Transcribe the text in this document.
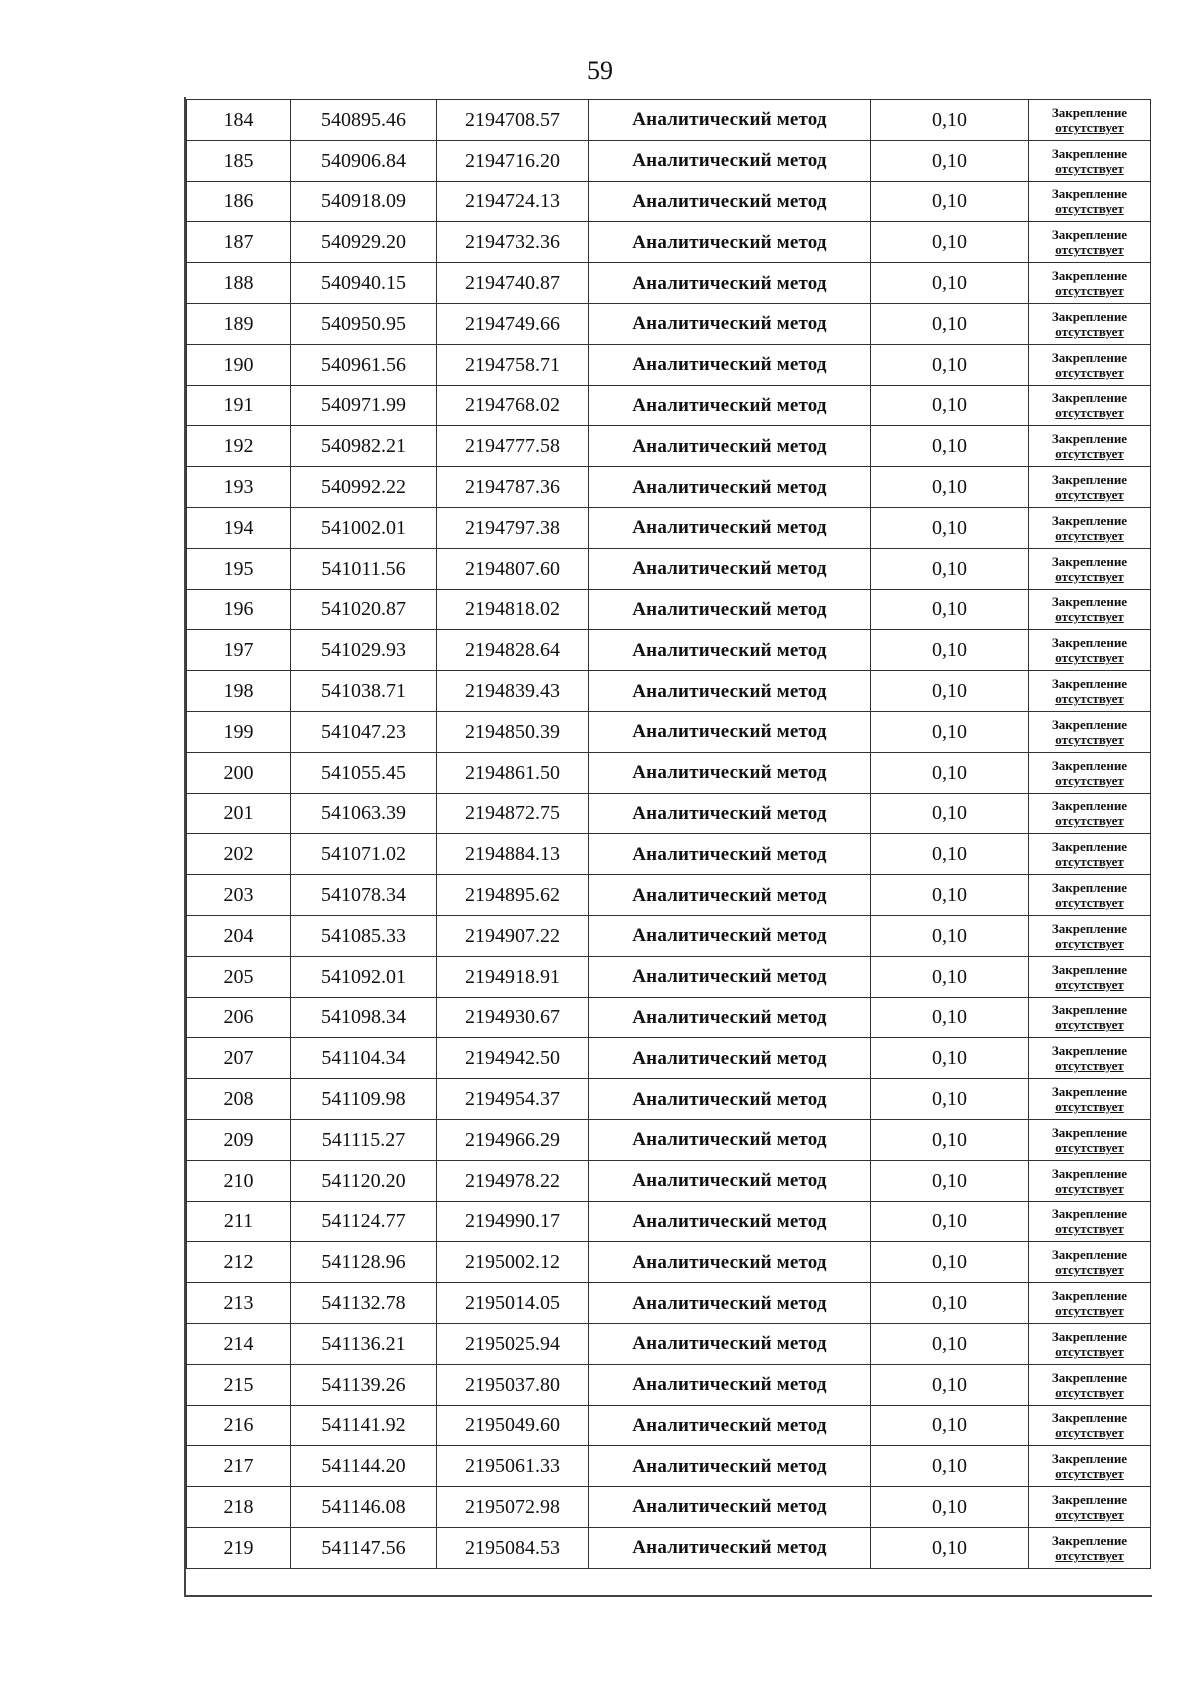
59
184	540895.46	2194708.57	Аналитический метод	0,10	Закрепление
отсутствует

185	540906.84	2194716.20	Аналитический метод	0,10	Закрепление
отсутствует

186	540918.09	2194724.13	Аналитический метод	0,10	Закрепление
отсутствует

187	540929.20	2194732.36	Аналитический метод	0,10	Закрепление
отсутствует

188	540940.15	2194740.87	Аналитический метод	0,10	Закрепление
отсутствует

189	540950.95	2194749.66	Аналитический метод	0,10	Закрепление
отсутствует

190	540961.56	2194758.71	Аналитический метод	0,10	Закрепление
отсутствует

191	540971.99	2194768.02	Аналитический метод	0,10	Закрепление
отсутствует

192	540982.21	2194777.58	Аналитический метод	0,10	Закрепление
отсутствует

193	540992.22	2194787.36	Аналитический метод	0,10	Закрепление
отсутствует

194	541002.01	2194797.38	Аналитический метод	0,10	Закрепление
отсутствует

195	541011.56	2194807.60	Аналитический метод	0,10	Закрепление
отсутствует

196	541020.87	2194818.02	Аналитический метод	0,10	Закрепление
отсутствует

197	541029.93	2194828.64	Аналитический метод	0,10	Закрепление
отсутствует

198	541038.71	2194839.43	Аналитический метод	0,10	Закрепление
отсутствует

199	541047.23	2194850.39	Аналитический метод	0,10	Закрепление
отсутствует

200	541055.45	2194861.50	Аналитический метод	0,10	Закрепление
отсутствует

201	541063.39	2194872.75	Аналитический метод	0,10	Закрепление
отсутствует

202	541071.02	2194884.13	Аналитический метод	0,10	Закрепление
отсутствует

203	541078.34	2194895.62	Аналитический метод	0,10	Закрепление
отсутствует

204	541085.33	2194907.22	Аналитический метод	0,10	Закрепление
отсутствует

205	541092.01	2194918.91	Аналитический метод	0,10	Закрепление
отсутствует

206	541098.34	2194930.67	Аналитический метод	0,10	Закрепление
отсутствует

207	541104.34	2194942.50	Аналитический метод	0,10	Закрепление
отсутствует

208	541109.98	2194954.37	Аналитический метод	0,10	Закрепление
отсутствует

209	541115.27	2194966.29	Аналитический метод	0,10	Закрепление
отсутствует

210	541120.20	2194978.22	Аналитический метод	0,10	Закрепление
отсутствует

211	541124.77	2194990.17	Аналитический метод	0,10	Закрепление
отсутствует

212	541128.96	2195002.12	Аналитический метод	0,10	Закрепление
отсутствует

213	541132.78	2195014.05	Аналитический метод	0,10	Закрепление
отсутствует

214	541136.21	2195025.94	Аналитический метод	0,10	Закрепление
отсутствует

215	541139.26	2195037.80	Аналитический метод	0,10	Закрепление
отсутствует

216	541141.92	2195049.60	Аналитический метод	0,10	Закрепление
отсутствует

217	541144.20	2195061.33	Аналитический метод	0,10	Закрепление
отсутствует

218	541146.08	2195072.98	Аналитический метод	0,10	Закрепление
отсутствует

219	541147.56	2195084.53	Аналитический метод	0,10	Закрепление
отсутствует
